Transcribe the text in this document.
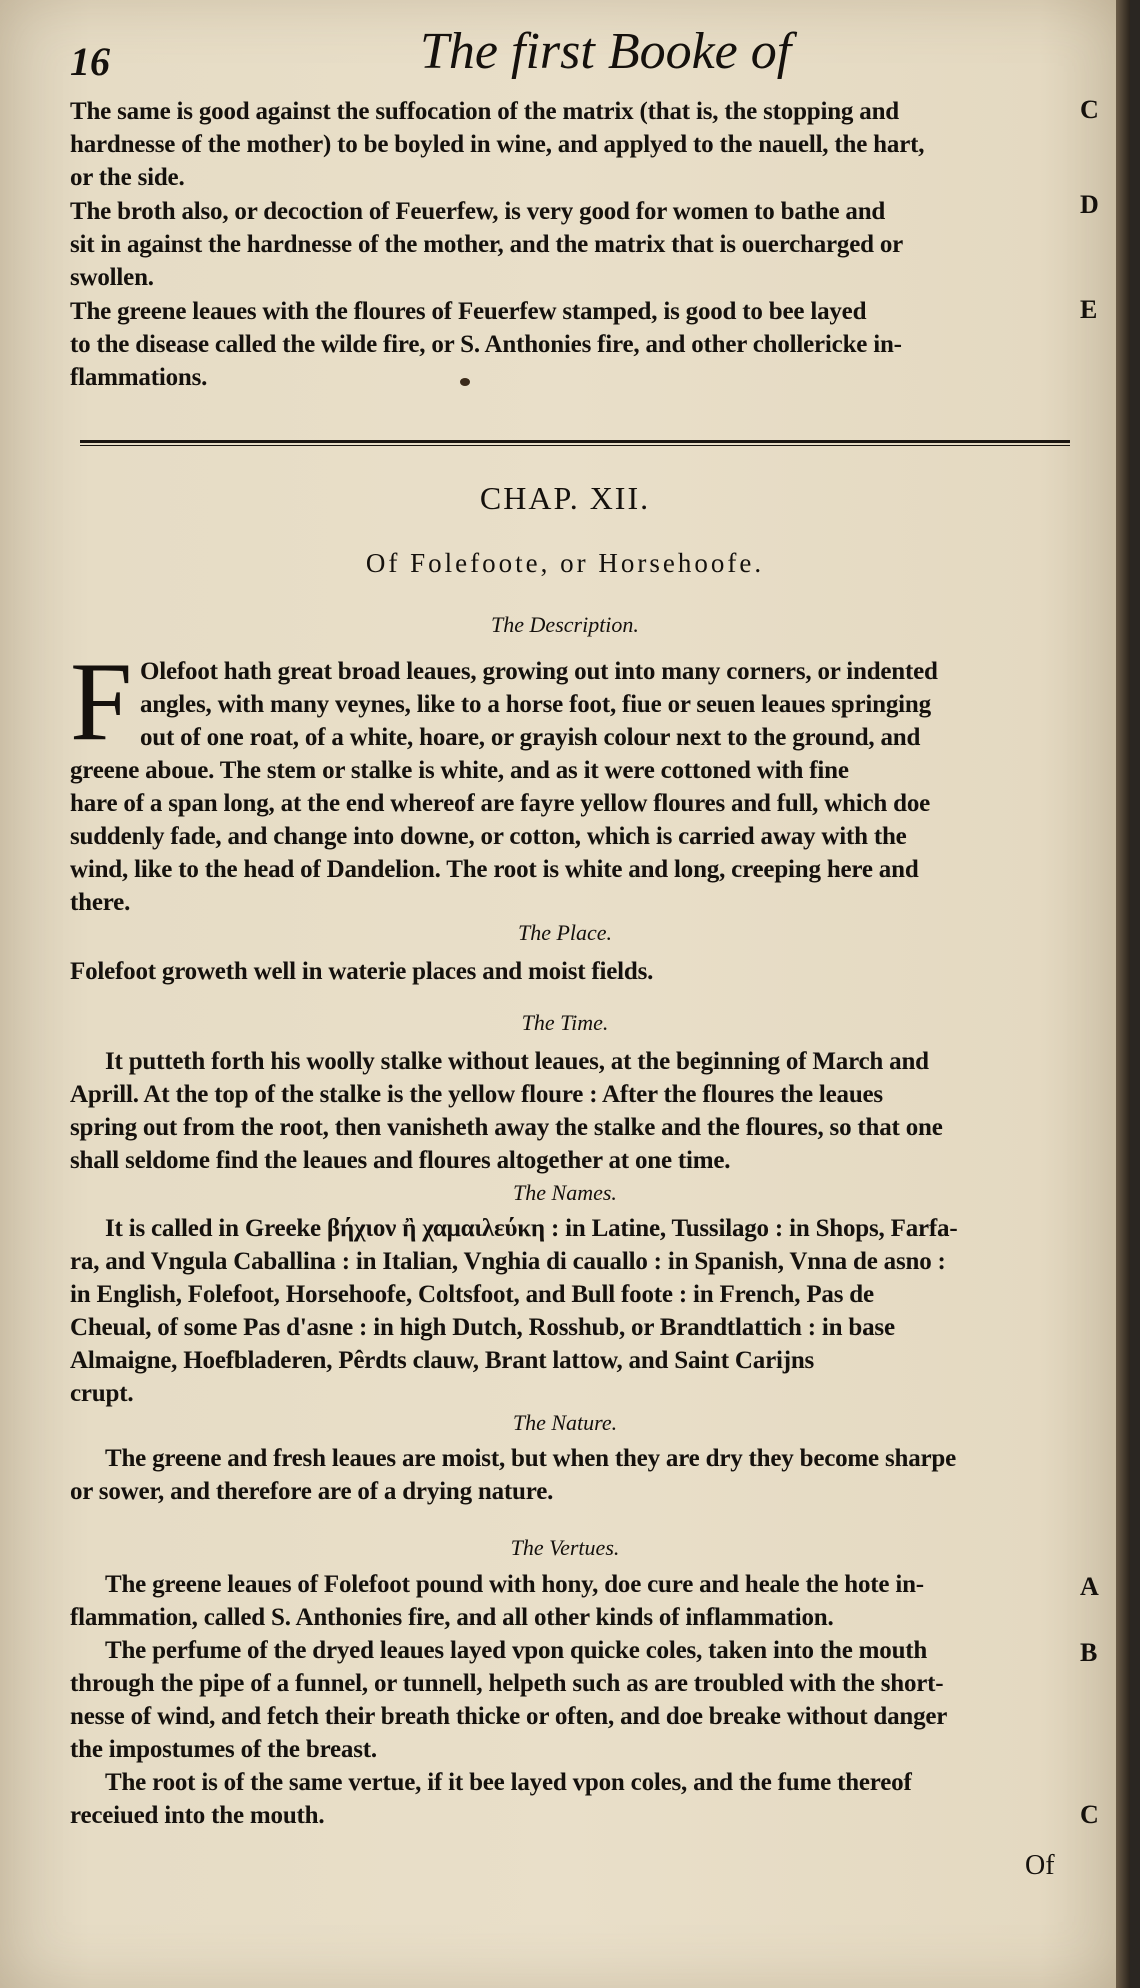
16	The first Booke of
The same is good against the suffocation of the matrix (that is, the stopping and
hardnesse of the mother) to be boyled in wine, and applyed to the nauell, the hart,
or the side.
C
The broth also, or decoction of Feuerfew, is very good for women to bathe and
sit in against the hardnesse of the mother, and the matrix that is ouercharged or
swollen.
D
The greene leaues with the floures of Feuerfew stamped, is good to bee layed
to the disease called the wilde fire, or S. Anthonies fire, and other chollericke in-
flammations.
E
CHAP. XII.
Of Folefoote, or Horsehoofe.
The Description.
F Olefoot hath great broad leaues, growing out into many corners, or indented
angles, with many veynes, like to a horse foot, fiue or seuen leaues springing
out of one roat, of a white, hoare, or grayish colour next to the ground, and
greene aboue. The stem or stalke is white, and as it were cottoned with fine
hare of a span long, at the end whereof are fayre yellow floures and full, which doe
suddenly fade, and change into downe, or cotton, which is carried away with the
wind, like to the head of Dandelion. The root is white and long, creeping here and
there.
The Place.
Folefoot groweth well in waterie places and moist fields.
The Time.
It putteth forth his woolly stalke without leaues, at the beginning of March and
Aprill. At the top of the stalke is the yellow floure : After the floures the leaues
spring out from the root, then vanisheth away the stalke and the floures, so that one
shall seldome find the leaues and floures altogether at one time.
The Names.
It is called in Greeke βήχιον ἢ χαμαιλεύκη : in Latine, Tussilago : in Shops, Farfa-
ra, and Vngula Caballina : in Italian, Vnghia di cauallo : in Spanish, Vnna de asno :
in English, Folefoot, Horsehoofe, Coltsfoot, and Bull foote : in French, Pas de
Cheual, of some Pas d'asne : in high Dutch, Rosshub, or Brandtlattich : in base
Almaigne, Hoefbladeren, Pêrdts clauw, Brant lattow, and Saint Carijns
crupt.
The Nature.
The greene and fresh leaues are moist, but when they are dry they become sharpe
or sower, and therefore are of a drying nature.
The Vertues.
The greene leaues of Folefoot pound with hony, doe cure and heale the hote in-
flammation, called S. Anthonies fire, and all other kinds of inflammation.
The perfume of the dryed leaues layed vpon quicke coles, taken into the mouth
through the pipe of a funnel, or tunnell, helpeth such as are troubled with the short-
nesse of wind, and fetch their breath thicke or often, and doe breake without danger
the impostumes of the breast.
The root is of the same vertue, if it bee layed vpon coles, and the fume thereof
receiued into the mouth.
A
B
C
Of
